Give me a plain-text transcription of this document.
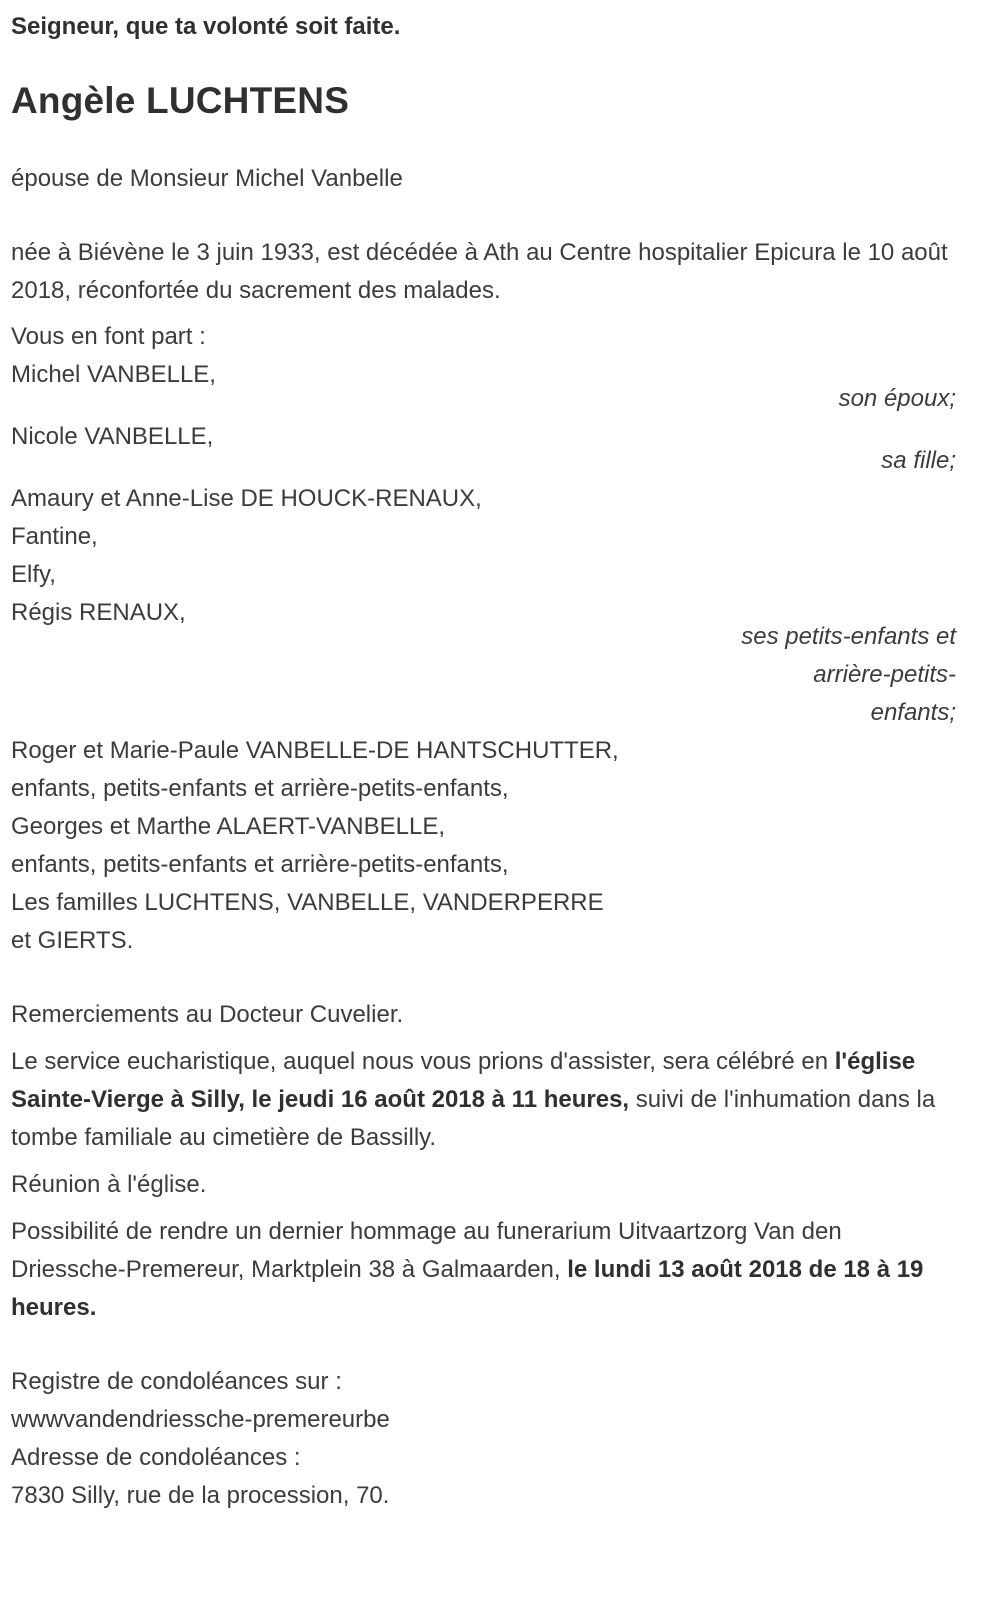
Seigneur, que ta volonté soit faite.

Angèle LUCHTENS

épouse de Monsieur Michel Vanbelle

née à Biévène le 3 juin 1933, est décédée à Ath au Centre hospitalier Epicura le 10 août 2018, réconfortée du sacrement des malades.

Vous en font part :

Michel VANBELLE,

son époux;

Nicole VANBELLE,

sa fille;

Amaury et Anne-Lise DE HOUCK-RENAUX,

Fantine,

Elfy,

Régis RENAUX,

ses petits-enfants et arrière-petits-enfants;

Roger et Marie-Paule VANBELLE-DE HANTSCHUTTER,

enfants, petits-enfants et arrière-petits-enfants,

Georges et Marthe ALAERT-VANBELLE,

enfants, petits-enfants et arrière-petits-enfants,

Les familles LUCHTENS, VANBELLE, VANDERPERRE

et GIERTS.

Remerciements au Docteur Cuvelier.

Le service eucharistique, auquel nous vous prions d'assister, sera célébré en l'église Sainte-Vierge à Silly, le jeudi 16 août 2018 à 11 heures, suivi de l'inhumation dans la tombe familiale au cimetière de Bassilly.

Réunion à l'église.

Possibilité de rendre un dernier hommage au funerarium Uitvaartzorg Van den Driessche-Premereur, Marktplein 38 à Galmaarden, le lundi 13 août 2018 de 18 à 19 heures.

Registre de condoléances sur :

wwwvandendriessche-premereurbe

Adresse de condoléances :

7830 Silly, rue de la procession, 70.
